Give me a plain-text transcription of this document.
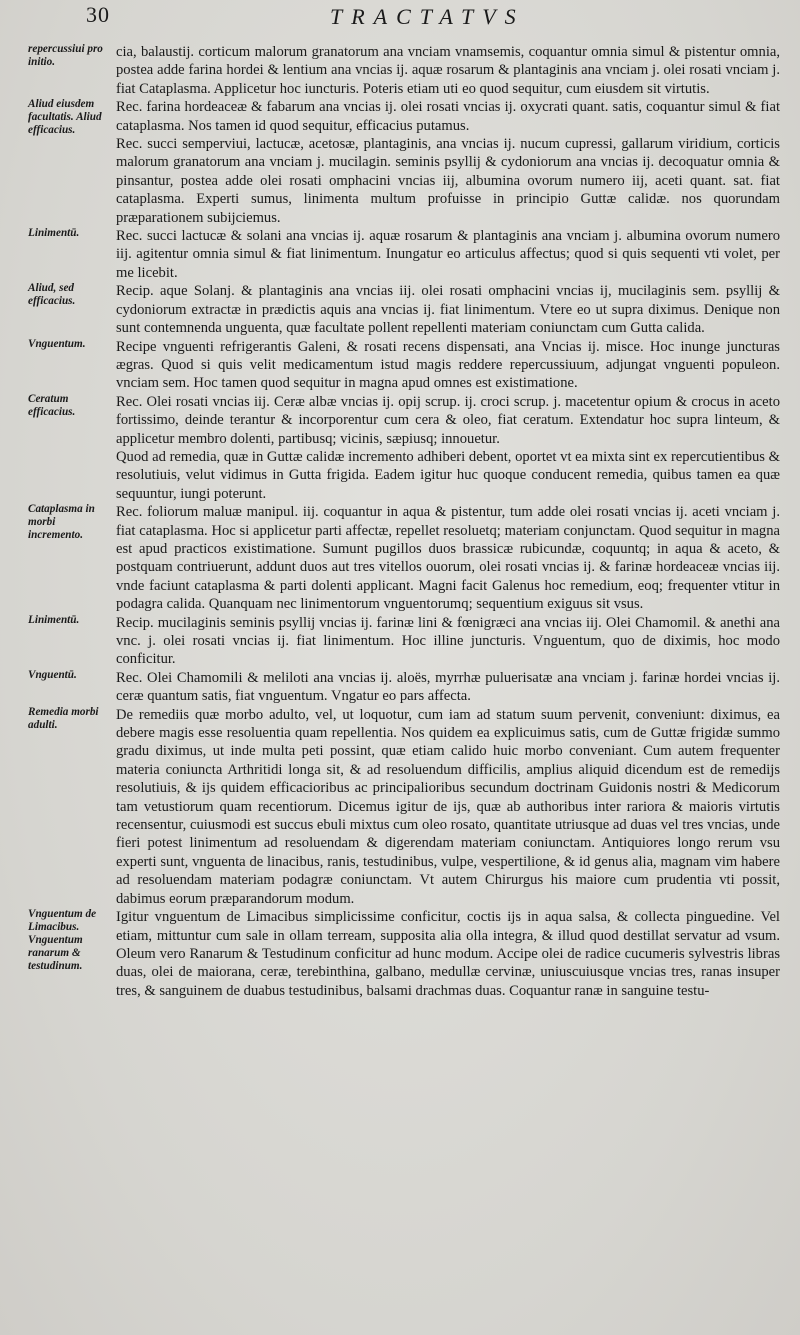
30	TRACTATVS
repercussiui pro initio.
cia, balaustij. corticum malorum granatorum ana vnciam vnamsemis, coquantur omnia simul & pistentur omnia, postea adde farina hordei & lentium ana vncias ij. aquæ rosarum & plantaginis ana vnciam j. olei rosati vnciam j. fiat Cataplasma. Applicetur hoc iuncturis. Poteris etiam uti eo quod sequitur, cum eiusdem sit virtutis.
Aliud eiusdem facultatis. Aliud efficacius.
Rec. farina hordeaceæ & fabarum ana vncias ij. olei rosati vncias ij. oxycrati quant. satis, coquantur simul & fiat cataplasma. Nos tamen id quod sequitur, efficacius putamus.
Rec. succi semperviui, lactucæ, acetosæ, plantaginis, ana vncias ij. nucum cupressi, gallarum viridium, corticis malorum granatorum ana vnciam j. mucilagin. seminis psyllij & cydoniorum ana vncias ij. decoquatur omnia & pinsantur, postea adde olei rosati omphacini vncias iij, albumina ovorum numero iij, aceti quant. sat. fiat cataplasma. Experti sumus, linimenta multum profuisse in principio Guttæ calidæ. nos quorundam præparationem subijciemus.
Linimentū.	Rec. succi lactucæ & solani ana vncias ij. aquæ rosarum & plantaginis ana vnciam j. albumina ovorum numero iij. agitentur omnia simul & fiat linimentum. Inungatur eo articulus affectus; quod si quis sequenti vti volet, per me licebit.
Aliud, sed efficacius.
Recip. aque Solanj. & plantaginis ana vncias iij. olei rosati omphacini vncias ij, mucilaginis sem. psyllij & cydoniorum extractæ in prædictis aquis ana vncias ij. fiat linimentum. Vtere eo ut supra diximus. Denique non sunt contemnenda unguenta, quæ facultate pollent repellenti materiam coniunctam cum Gutta calida.
Vnguentum.	Recipe vnguenti refrigerantis Galeni, & rosati recens dispensati, ana Vncias ij. misce. Hoc inunge juncturas ægras. Quod si quis velit medicamentum istud magis reddere repercussiuum, adjungat vnguenti populeon. vnciam sem. Hoc tamen quod sequitur in magna apud omnes est existimatione.
Ceratum efficacius.
Rec. Olei rosati vncias iij. Ceræ albæ vncias ij. opij scrup. ij. croci scrup. j. macetentur opium & crocus in aceto fortissimo, deinde terantur & incorporentur cum cera & oleo, fiat ceratum. Extendatur hoc supra linteum, & applicetur membro dolenti, partibusq; vicinis, sæpiusq; innouetur.
Quod ad remedia, quæ in Guttæ calidæ incremento adhiberi debent, oportet vt ea mixta sint ex repercutientibus & resolutiuis, velut vidimus in Gutta frigida. Eadem igitur huc quoque conducent remedia, quibus tamen ea quæ sequuntur, iungi poterunt.
Cataplasma in morbi incremento.
Rec. foliorum maluæ manipul. iij. coquantur in aqua & pistentur, tum adde olei rosati vncias ij. aceti vnciam j. fiat cataplasma. Hoc si applicetur parti affectæ, repellet resoluetq; materiam conjunctam. Quod sequitur in magna est apud practicos existimatione. Sumunt pugillos duos brassicæ rubicundæ, coquuntq; in aqua & aceto, & postquam contriuerunt, addunt duos aut tres vitellos ouorum, olei rosati vncias ij. & farinæ hordeaceæ vncias iij. vnde faciunt cataplasma & parti dolenti applicant. Magni facit Galenus hoc remedium, eoq; frequenter vtitur in podagra calida. Quanquam nec linimentorum vnguentorumq; sequentium exiguus sit vsus.
Linimentū.	Recip. mucilaginis seminis psyllij vncias ij. farinæ lini & fœnigræci ana vncias iij. Olei Chamomil. & anethi ana vnc. j. olei rosati vncias ij. fiat linimentum. Hoc illine juncturis. Vnguentum, quo de diximis, hoc modo conficitur.
Vnguentū.	Rec. Olei Chamomili & meliloti ana vncias ij. aloës, myrrhæ puluerisatæ ana vnciam j. farinæ hordei vncias ij. ceræ quantum satis, fiat vnguentum. Vngatur eo pars affecta.
Remedia morbi adulti.
De remediis quæ morbo adulto, vel, ut loquotur, cum iam ad statum suum pervenit, conveniunt: diximus, ea debere magis esse resoluentia quam repellentia. Nos quidem ea explicuimus satis, cum de Guttæ frigidæ summo gradu diximus, ut inde multa peti possint, quæ etiam calido huic morbo conveniant. Cum autem frequenter materia coniuncta Arthritidi longa sit, & ad resoluendum difficilis, amplius aliquid dicendum est de remedijs resolutiuis, & ijs quidem efficacioribus ac principalioribus secundum doctrinam Guidonis nostri & Medicorum tam vetustiorum quam recentiorum. Dicemus igitur de ijs, quæ ab authoribus inter rariora & maioris virtutis recensentur, cuiusmodi est succus ebuli mixtus cum oleo rosato, quantitate utriusque ad duas vel tres vncias, unde fieri potest linimentum ad resoluendam & digerendam materiam coniunctam. Antiquiores longo rerum vsu experti sunt, vnguenta de linacibus, ranis, testudinibus, vulpe, vespertilione, & id genus alia, magnam vim habere ad resoluendam materiam podagræ coniunctam. Vt autem Chirurgus his maiore cum prudentia vti possit, dabimus eorum præparandorum modum.
Vnguentum de Limacibus. Vnguentum ranarum & testudinum.
Igitur vnguentum de Limacibus simplicissime conficitur, coctis ijs in aqua salsa, & collecta pinguedine. Vel etiam, mittuntur cum sale in ollam terream, supposita alia olla integra, & illud quod destillat servatur ad vsum. Oleum vero Ranarum & Testudinum conficitur ad hunc modum. Accipe olei de radice cucumeris sylvestris libras duas, olei de maiorana, ceræ, terebinthina, galbano, medullæ cervinæ, uniuscuiusque vncias tres, ranas insuper tres, & sanguinem de duabus testudinibus, balsami drachmas duas. Coquantur ranæ in sanguine testu-
